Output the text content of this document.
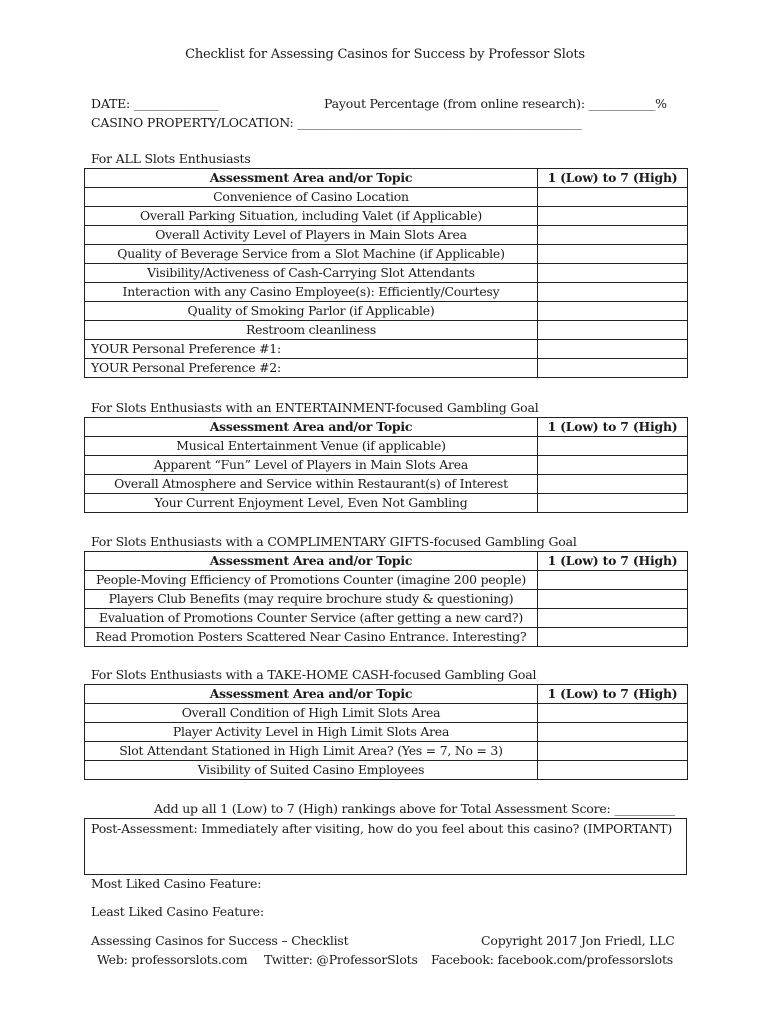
Checklist for Assessing Casinos for Success by Professor Slots
DATE: ______________	Payout Percentage (from online research): ___________%
CASINO PROPERTY/LOCATION: _______________________________________________
For ALL Slots Enthusiasts
Assessment Area and/or Topic	1 (Low) to 7 (High)
Convenience of Casino Location	
Overall Parking Situation, including Valet (if Applicable)	
Overall Activity Level of Players in Main Slots Area	
Quality of Beverage Service from a Slot Machine (if Applicable)	
Visibility/Activeness of Cash-Carrying Slot Attendants	
Interaction with any Casino Employee(s): Efficiently/Courtesy	
Quality of Smoking Parlor (if Applicable)	
Restroom cleanliness	
YOUR Personal Preference #1:	
YOUR Personal Preference #2:	
For Slots Enthusiasts with an ENTERTAINMENT-focused Gambling Goal
Assessment Area and/or Topic	1 (Low) to 7 (High)
Musical Entertainment Venue (if applicable)	
Apparent “Fun” Level of Players in Main Slots Area	
Overall Atmosphere and Service within Restaurant(s) of Interest	
Your Current Enjoyment Level, Even Not Gambling	
For Slots Enthusiasts with a COMPLIMENTARY GIFTS-focused Gambling Goal
Assessment Area and/or Topic	1 (Low) to 7 (High)
People-Moving Efficiency of Promotions Counter (imagine 200 people)	
Players Club Benefits (may require brochure study & questioning)	
Evaluation of Promotions Counter Service (after getting a new card?)	
Read Promotion Posters Scattered Near Casino Entrance. Interesting?	
For Slots Enthusiasts with a TAKE-HOME CASH-focused Gambling Goal
Assessment Area and/or Topic	1 (Low) to 7 (High)
Overall Condition of High Limit Slots Area	
Player Activity Level in High Limit Slots Area	
Slot Attendant Stationed in High Limit Area? (Yes = 7, No = 3)	
Visibility of Suited Casino Employees	
Add up all 1 (Low) to 7 (High) rankings above for Total Assessment Score: __________
Post-Assessment: Immediately after visiting, how do you feel about this casino? (IMPORTANT)
Most Liked Casino Feature:
Least Liked Casino Feature:
Assessing Casinos for Success – Checklist	Copyright 2017 Jon Friedl, LLC
Web: professorslots.com Twitter: @ProfessorSlots Facebook: facebook.com/professorslots
